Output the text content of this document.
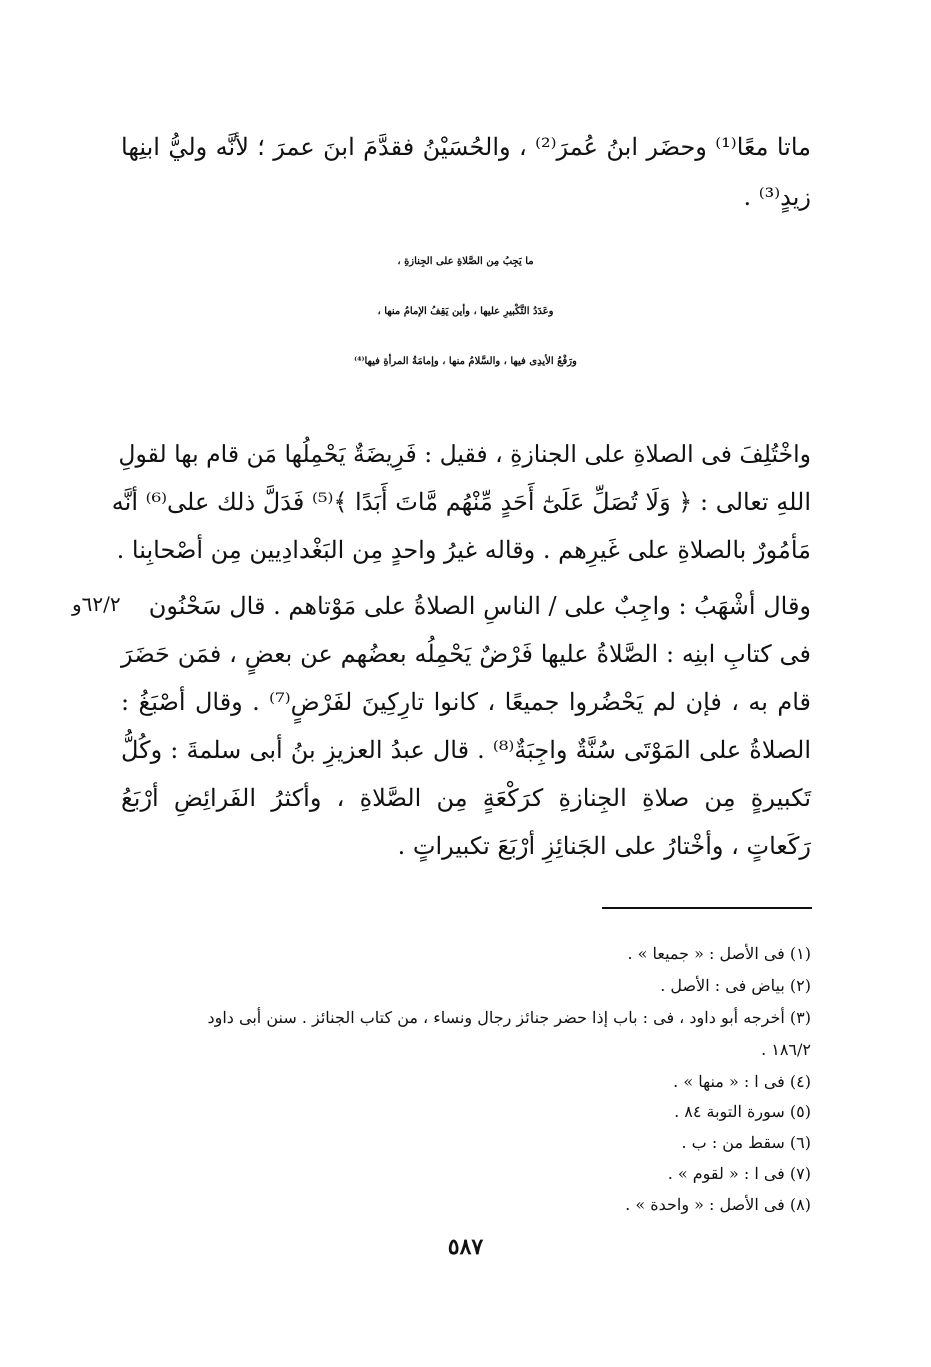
ماتا معًا⁽¹⁾ وحضَر ابنُ عُمرَ⁽²⁾ ، والحُسَيْنُ فقدَّمَ ابنَ عمرَ ؛ لأنَّه وليُّ ابنِها
زيدٍ⁽³⁾ .
ما يَجِبُ مِن الصَّلاةِ على الجِنازةِ ،
وعَدَدُ التَّكْبيرِ عليها ، وأين يَقِفُ الإمامُ منها ،
ورَفْعُ الأيدِى فيها ، والسَّلامُ منها ، وإمامَةُ المرأةِ فيها⁽⁴⁾
واخْتُلِفَ فى الصلاةِ على الجنازةِ ، فقيل : فَرِيضَةٌ يَحْمِلُها مَن قام بها لقولِ
اللهِ تعالى : ﴿ وَلَا تُصَلِّ عَلَىٰٓ أَحَدٍ مِّنْهُم مَّاتَ أَبَدًا ﴾⁽⁵⁾ فَدَلَّ ذلك على⁽⁶⁾ أنَّه
مَأمُورٌ بالصلاةِ على غَيرِهم . وقاله غيرُ واحدٍ مِن البَغْدادِيين مِن أصْحابِنا .
٦٢/٢و وقال أشْهَبُ : واجِبٌ على / الناسِ الصلاةُ على مَوْتاهم . قال سَحْنُون
فى كتابِ ابنِه : الصَّلاةُ عليها فَرْضٌ يَحْمِلُه بعضُهم عن بعضٍ ، فمَن حَضَرَ
قام به ، فإن لم يَحْضُروا جميعًا ، كانوا تارِكِينَ لفَرْضٍ⁽⁷⁾ . وقال أصْبَغُ :
الصلاةُ على المَوْتَى سُنَّةٌ واجِبَةٌ⁽⁸⁾ . قال عبدُ العزيزِ بنُ أبى سلمةَ : وكُلُّ
تَكبيرةٍ مِن صلاةِ الجِنازةِ كرَكْعَةٍ مِن الصَّلاةِ ، وأكثرُ الفَرائِضِ أرْبَعُ
رَكَعاتٍ ، وأخْتارُ على الجَنائِزِ أرْبَعَ تكبيراتٍ .
(١) فى الأصل : « جميعا » .
(٢) بياض فى : الأصل .
(٣) أخرجه أبو داود ، فى : باب إذا حضر جنائز رجال ونساء ، من كتاب الجنائز . سنن أبى داود
١٨٦/٢ .
(٤) فى ا : « منها » .
(٥) سورة التوبة ٨٤ .
(٦) سقط من : ب .
(٧) فى ا : « لقوم » .
(٨) فى الأصل : « واحدة » .
٥٨٧
